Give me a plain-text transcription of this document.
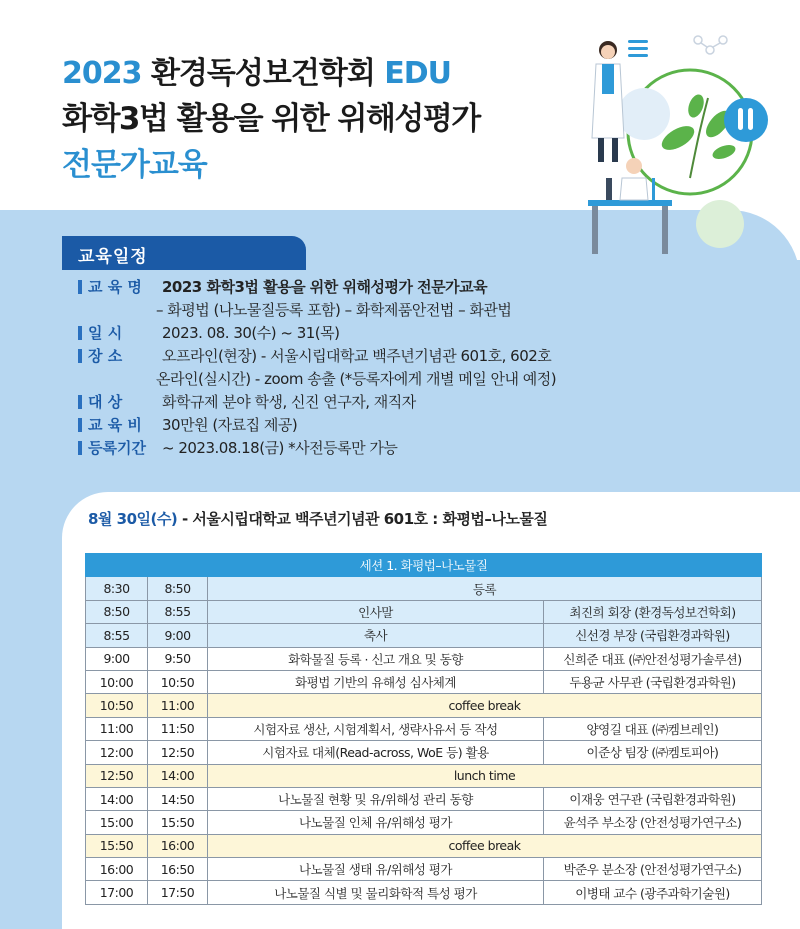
2023 환경독성보건학회 EDU
화학3법 활용을 위한 위해성평가
전문가교육
교육일정
교 육 명	2023 화학3법 활용을 위한 위해성평가 전문가교육
– 화평법 (나노물질등록 포함) – 화학제품안전법 – 화관법
일 시	2023. 08. 30(수) ~ 31(목)
장 소	오프라인(현장) - 서울시립대학교 백주년기념관 601호, 602호
온라인(실시간) - zoom 송출 (*등록자에게 개별 메일 안내 예정)
대 상	화학규제 분야 학생, 신진 연구자, 재직자
교 육 비	30만원 (자료집 제공)
등록기간	~ 2023.08.18(금) *사전등록만 가능
8월 30일(수) - 서울시립대학교 백주년기념관 601호 : 화평법–나노물질
세션 1. 화평법–나노물질			
8:30	8:50	등록	
8:50	8:55	인사말	최진희 회장 (환경독성보건학회)
8:55	9:00	축사	신선경 부장 (국립환경과학원)
9:00	9:50	화학물질 등록 · 신고 개요 및 동향	신희준 대표 (㈜안전성평가솔루션)
10:00	10:50	화평법 기반의 유해성 심사체계	두용균 사무관 (국립환경과학원)
10:50	11:00	coffee break	
11:00	11:50	시험자료 생산, 시험계획서, 생략사유서 등 작성	양영길 대표 (㈜켐브레인)
12:00	12:50	시험자료 대체(Read-across, WoE 등) 활용	이준상 팀장 (㈜켐토피아)
12:50	14:00	lunch time	
14:00	14:50	나노물질 현황 및 유/위해성 관리 동향	이재웅 연구관 (국립환경과학원)
15:00	15:50	나노물질 인체 유/위해성 평가	윤석주 부소장 (안전성평가연구소)
15:50	16:00	coffee break	
16:00	16:50	나노물질 생태 유/위해성 평가	박준우 분소장 (안전성평가연구소)
17:00	17:50	나노물질 식별 및 물리화학적 특성 평가	이병태 교수 (광주과학기술원)
